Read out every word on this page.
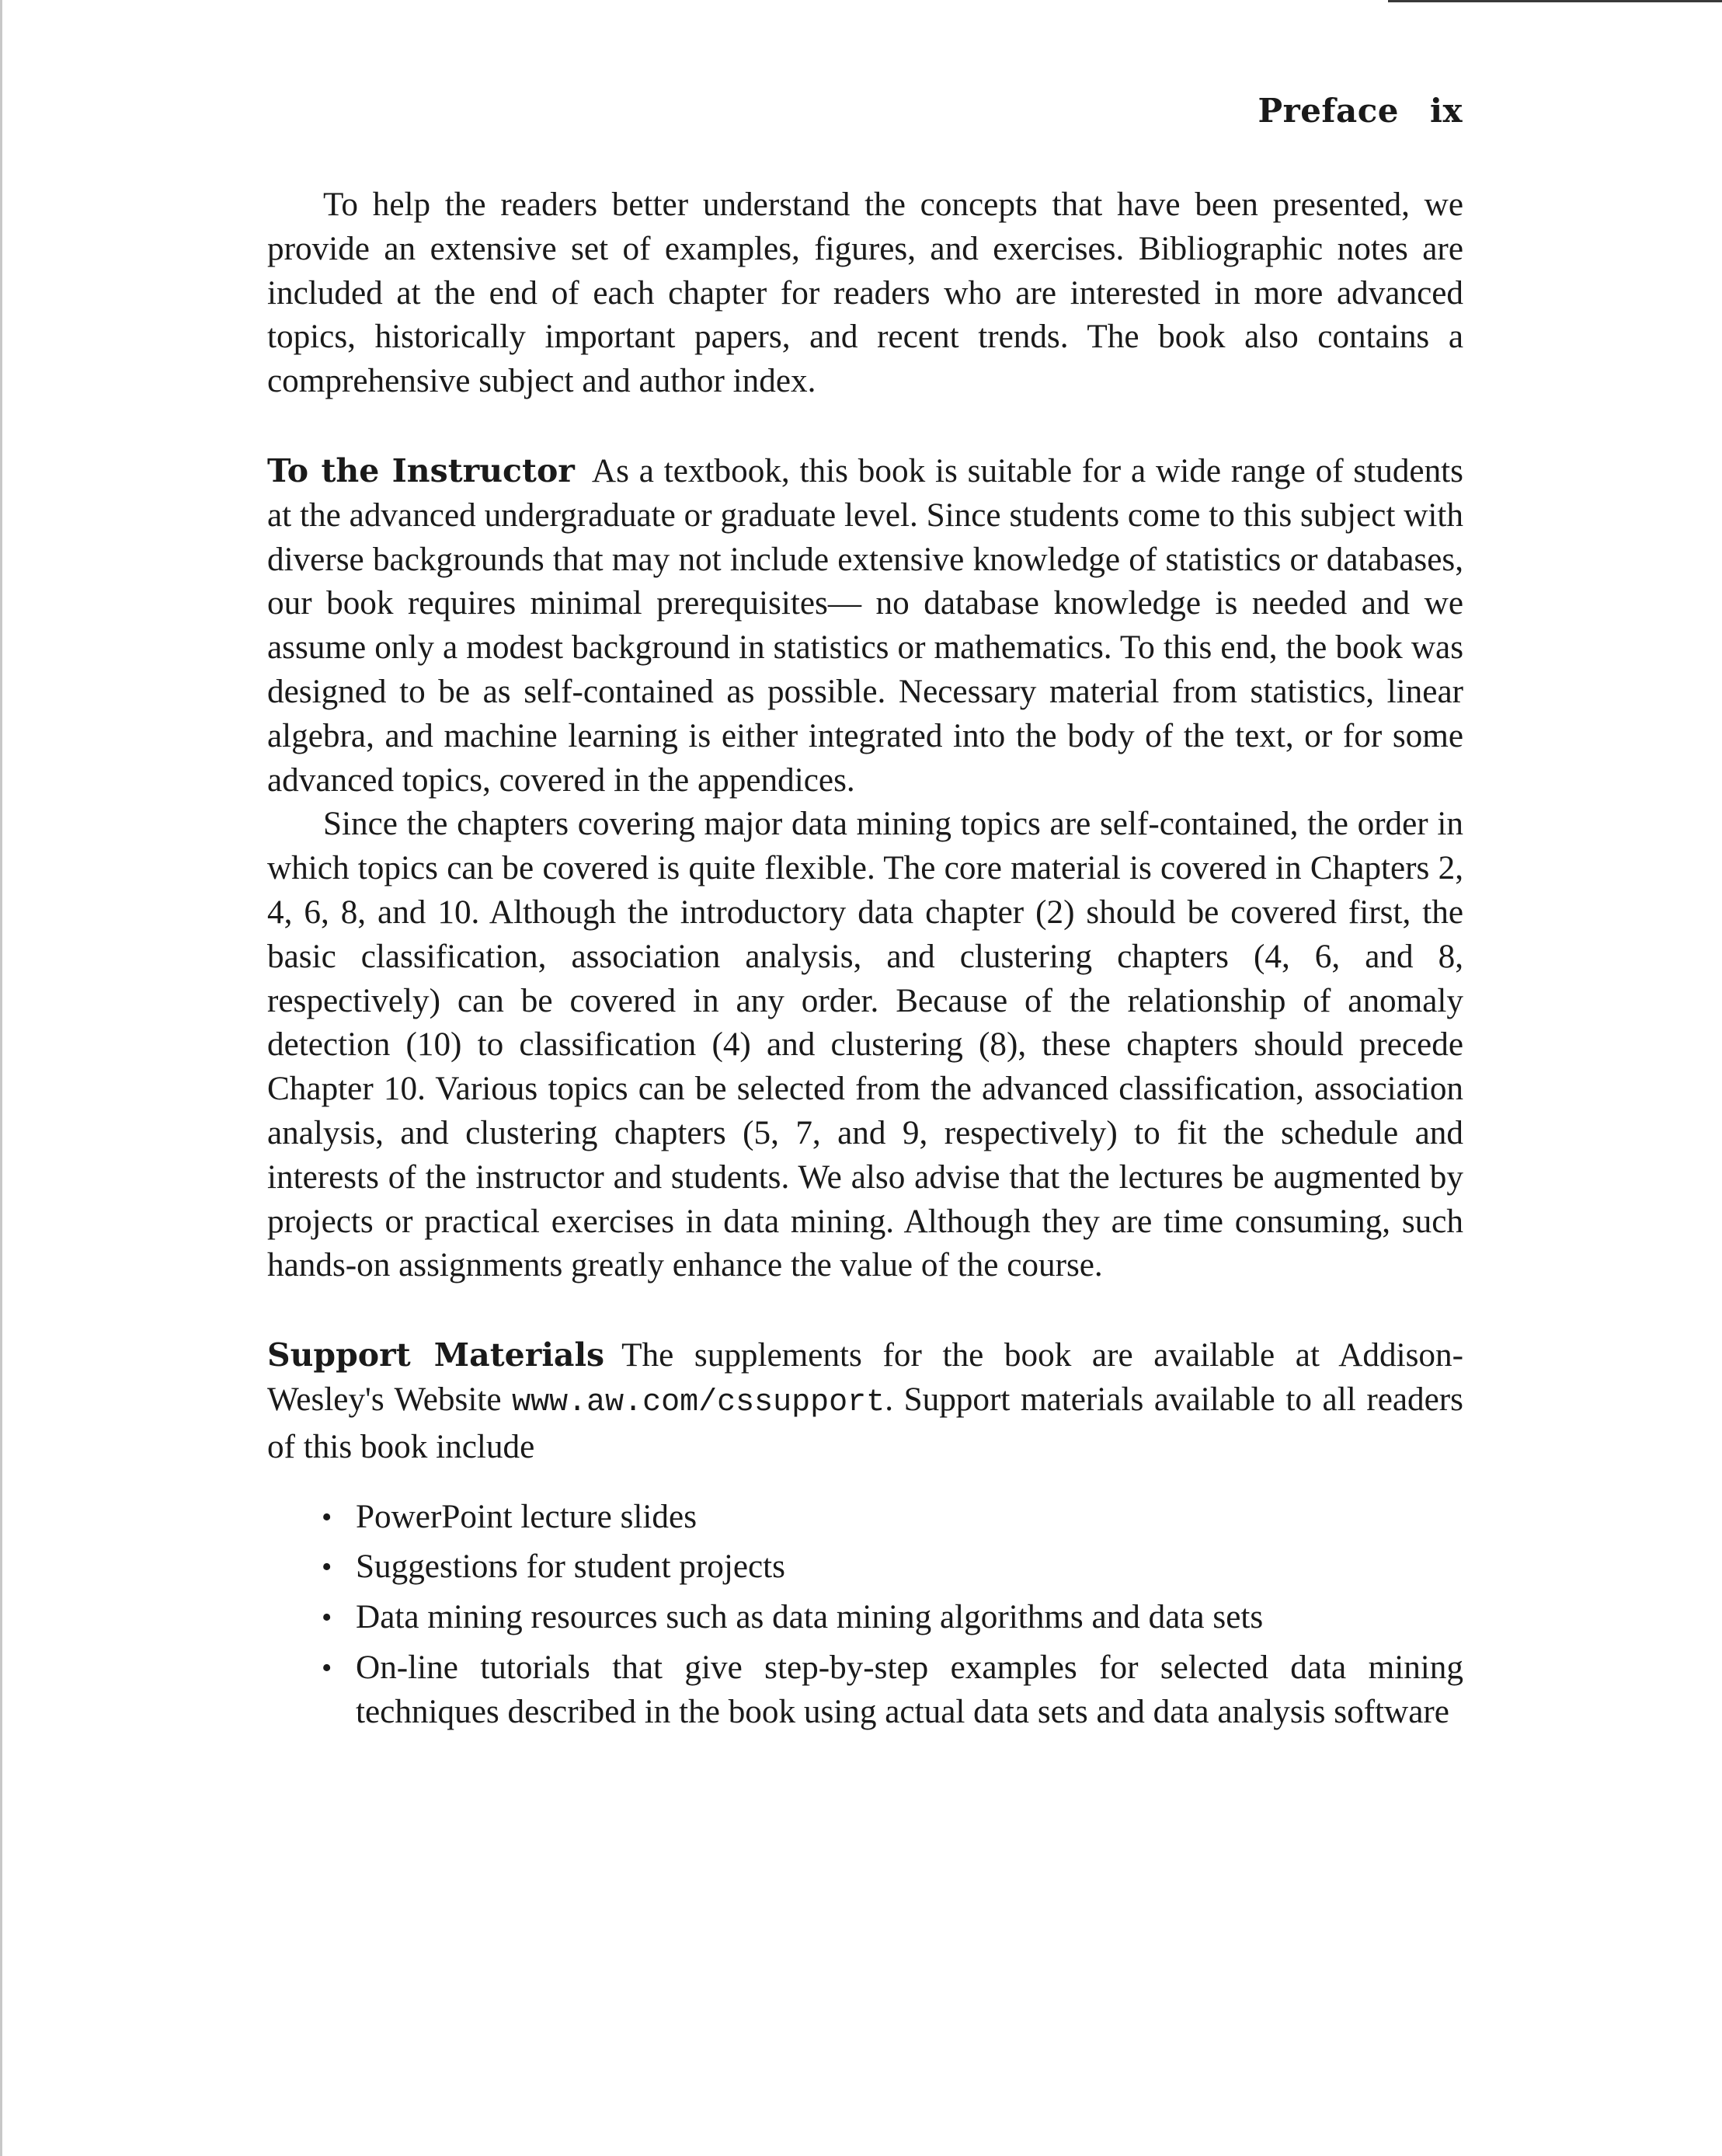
Preface ix

To help the readers better understand the concepts that have been presented, we provide an extensive set of examples, figures, and exercises. Bibliographic notes are included at the end of each chapter for readers who are interested in more advanced topics, historically important papers, and recent trends. The book also contains a comprehensive subject and author index.

To the Instructor As a textbook, this book is suitable for a wide range of students at the advanced undergraduate or graduate level. Since students come to this subject with diverse backgrounds that may not include extensive knowledge of statistics or databases, our book requires minimal prerequisites— no database knowledge is needed and we assume only a modest background in statistics or mathematics. To this end, the book was designed to be as self-contained as possible. Necessary material from statistics, linear algebra, and machine learning is either integrated into the body of the text, or for some advanced topics, covered in the appendices.

Since the chapters covering major data mining topics are self-contained, the order in which topics can be covered is quite flexible. The core material is covered in Chapters 2, 4, 6, 8, and 10. Although the introductory data chapter (2) should be covered first, the basic classification, association analysis, and clustering chapters (4, 6, and 8, respectively) can be covered in any order. Because of the relationship of anomaly detection (10) to classification (4) and clustering (8), these chapters should precede Chapter 10. Various topics can be selected from the advanced classification, association analysis, and clustering chapters (5, 7, and 9, respectively) to fit the schedule and interests of the instructor and students. We also advise that the lectures be augmented by projects or practical exercises in data mining. Although they are time consuming, such hands-on assignments greatly enhance the value of the course.

Support Materials The supplements for the book are available at Addison-Wesley's Website www.aw.com/cssupport. Support materials available to all readers of this book include

• PowerPoint lecture slides
• Suggestions for student projects
• Data mining resources such as data mining algorithms and data sets
• On-line tutorials that give step-by-step examples for selected data mining techniques described in the book using actual data sets and data analysis software
